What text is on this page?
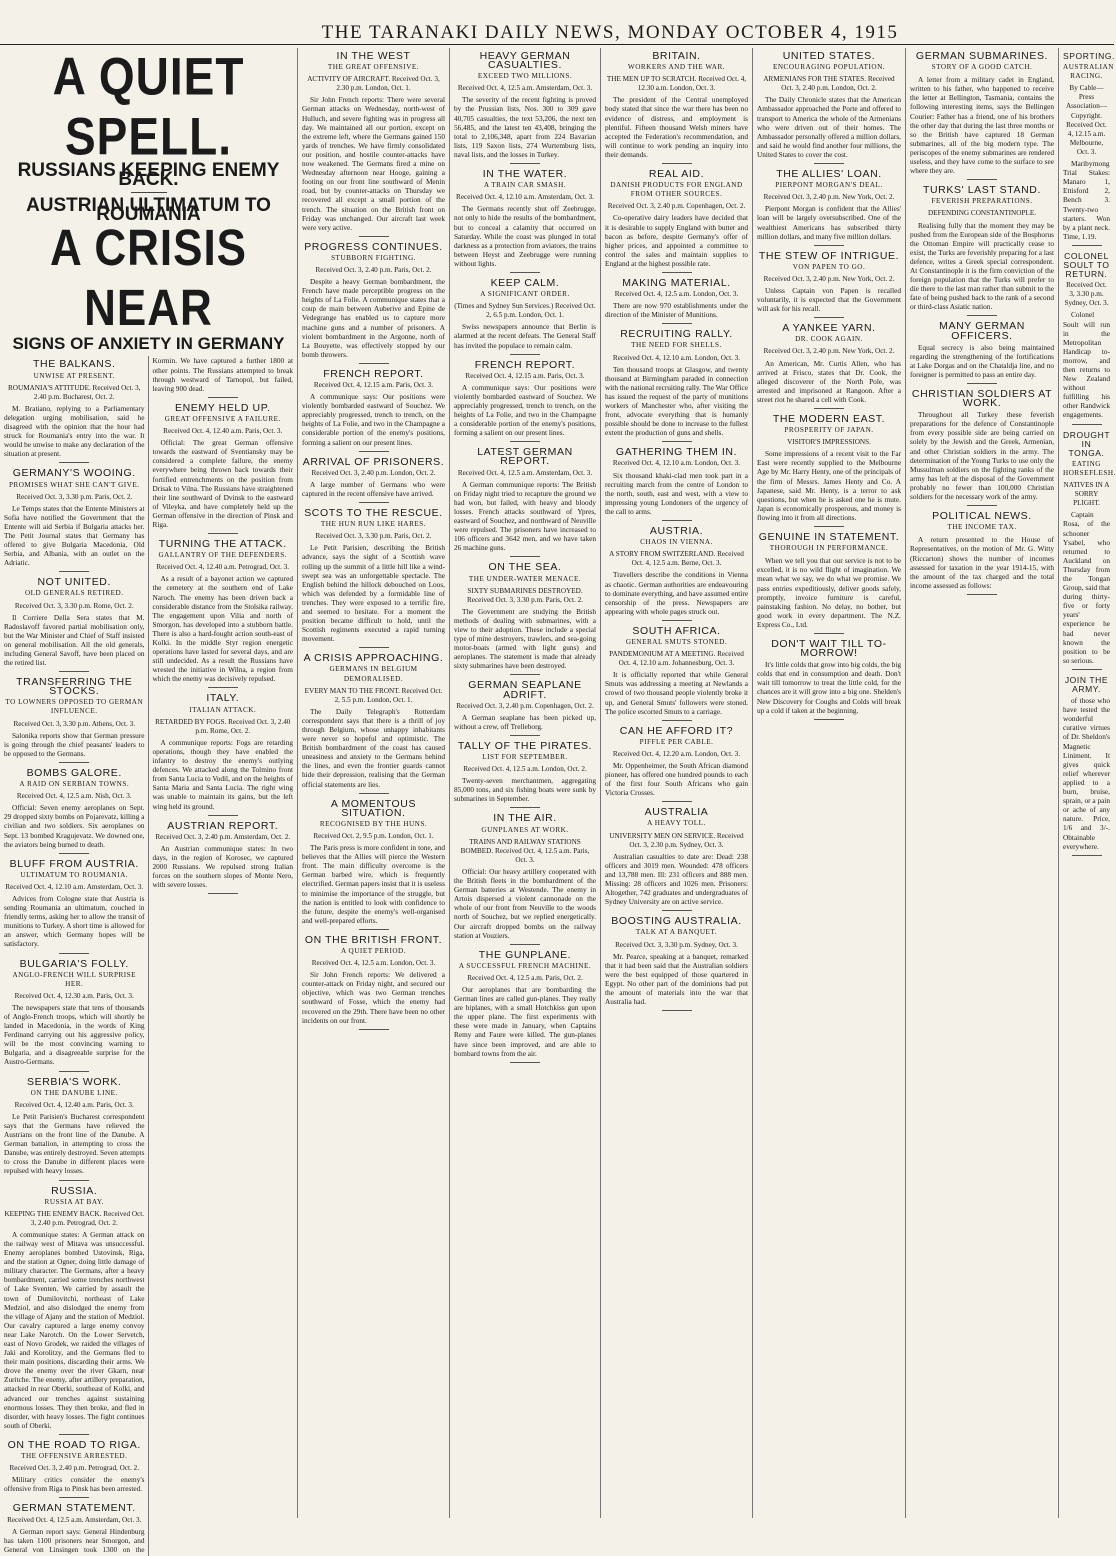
THE TARANAKI DAILY NEWS, MONDAY OCTOBER 4, 1915
A QUIET SPELL.
RUSSIANS KEEPING ENEMY BACK.
AUSTRIAN ULTIMATUM TO ROUMANIA
A CRISIS NEAR
SIGNS OF ANXIETY IN GERMANY
THE BALKANS.
UNWISE AT PRESENT.
ROUMANIA'S ATTITUDE. Received Oct. 3, 2.40 p.m. Bucharest, Oct. 2.

M. Bratiano, replying to a Parliamentary delegation urging mobilisation, said he disagreed with the opinion that the hour had struck for Roumania's entry into the war. It would be unwise to make any declaration of the situation at present.

GERMANY'S WOOING.
PROMISES WHAT SHE CAN'T GIVE.
Received Oct. 3, 3.30 p.m. Paris, Oct. 2.

Le Temps states that the Entente Ministers at Sofia have notified the Government that the Entente will aid Serbia if Bulgaria attacks her. The Petit Journal states that Germany has offered to give Bulgaria Macedonia, Old Serbia, and Albania, with an outlet on the Adriatic.

NOT UNITED.
OLD GENERALS RETIRED.
Received Oct. 3, 3.30 p.m. Rome, Oct. 2.

Il Corriere Della Sera states that M. Radoslavoff favored partial mobilisation only, but the War Minister and Chief of Staff insisted on general mobilisation. All the old generals, including General Savoff, have been placed on the retired list.

TRANSFERRING THE STOCKS.
TO LOWNERS OPPOSED TO GERMAN INFLUENCE.
Received Oct. 3, 3.30 p.m. Athens, Oct. 3.

Salonika reports show that German pressure is going through the chief peasants' leaders to be opposed to the Germans.

BOMBS GALORE.
A RAID ON SERBIAN TOWNS.
Received Oct. 4, 12.5 a.m. Nish, Oct. 3.

Official: Seven enemy aeroplanes on Sept. 29 dropped sixty bombs on Pojarevatz, killing a civilian and two soldiers. Six aeroplanes on Sept. 13 bombed Kragujevatz. We downed one, the aviators being burned to death.

BLUFF FROM AUSTRIA.
ULTIMATUM TO ROUMANIA.
Received Oct. 4, 12.10 a.m. Amsterdam, Oct. 3.

Advices from Cologne state that Austria is sending Roumania an ultimatum, couched in friendly terms, asking her to allow the transit of munitions to Turkey. A short time is allowed for an answer, which Germany hopes will be satisfactory.

BULGARIA'S FOLLY.
ANGLO-FRENCH WILL SURPRISE HER.
Received Oct. 4, 12.30 a.m. Paris, Oct. 3.

The newspapers state that tens of thousands of Anglo-French troops, which will shortly be landed in Macedonia, in the words of King Ferdinand carrying out his aggressive policy, will be the most convincing warning to Bulgaria, and a disagreeable surprise for the Austro-Germans.

SERBIA'S WORK.
ON THE DANUBE LINE.
Received Oct. 4, 12.40 a.m. Paris, Oct. 3.

Le Petit Parisien's Bucharest correspondent says that the Germans have relieved the Austrians on the front line of the Danube. A German battalion, in attempting to cross the Danube, was entirely destroyed. Seven attempts to cross the Danube in different places were repulsed with heavy losses.

RUSSIA.
RUSSIA AT BAY.
KEEPING THE ENEMY BACK. Received Oct. 3, 2.40 p.m. Petrograd, Oct. 2.

A communique states: A German attack on the railway west of Mitava was unsuccessful. Enemy aeroplanes bombed Ustovinsk, Riga, and the station at Ogner, doing little damage of military character. The Germans, after a heavy bombardment, carried some trenches northwest of Lake Sventen. We carried by assault the town of Dumilovitchi, northeast of Lake Medziol, and also dislodged the enemy from the village of Ajany and the station of Medziol. Our cavalry captured a large enemy convoy near Lake Narotch. On the Lower Servetch, east of Novo Grodek, we raided the villages of Jaki and Korolitzy, and the Germans fled to their main positions, discarding their arms. We drove the enemy over the river Gkarn, near Zuritche. The enemy, after artillery preparation, attacked in rear Oberki, southeast of Kolki, and advanced our trenches against sustaining enormous losses. They then broke, and fled in disorder, with heavy losses. The fight continues south of Oberki.

ON THE ROAD TO RIGA.
THE OFFENSIVE ARRESTED.
Received Oct. 3, 2.40 p.m. Petrograd, Oct. 2.

Military critics consider the enemy's offensive from Riga to Pinsk has been arrested.

GERMAN STATEMENT.
Received Oct. 4, 12.5 a.m. Amsterdam, Oct. 3.

A German report says: General Hindenburg has taken 1100 prisoners near Smorgon, and General von Linsingen took 1300 on the Kormin. We have captured a further 1800 at other points. The Russians attempted to break through westward of Tarnopol, but failed, leaving 900 dead.

ENEMY HELD UP.
GREAT OFFENSIVE A FAILURE.
Received Oct. 4, 12.40 a.m. Paris, Oct. 3.

Official: The great German offensive towards the eastward of Sventiansky may be considered a complete failure, the enemy everywhere being thrown back towards their fortified entrenchments on the position from Drisak to Vilna. The Russians have straightened their line southward of Dvinsk to the eastward of Vileyka, and have completely held up the German offensive in the direction of Pinsk and Riga.

TURNING THE ATTACK.
GALLANTRY OF THE DEFENDERS.
Received Oct. 4, 12.40 a.m. Petrograd, Oct. 3.

As a result of a bayonet action we captured the cemetery at the southern end of Lake Naroch. The enemy has been driven back a considerable distance from the Stolsika railway. The engagement upon Vilia and north of Smorgon, has developed into a stubborn battle. There is also a hard-fought action south-east of Kolki. In the middle Styr region energetic operations have lasted for several days, and are still undecided. As a result the Russians have wrested the initiative in Wilna, a region from which the enemy was decisively repulsed.

ITALY.
ITALIAN ATTACK.
RETARDED BY FOGS. Received Oct. 3, 2.40 p.m. Rome, Oct. 2.

A communique reports: Fogs are retarding operations, though they have enabled the infantry to destroy the enemy's outlying defences. We attacked along the Tolmino front from Santa Lucia to Vodil, and on the heights of Santa Maria and Santa Lucia. The right wing was unable to maintain its gains, but the left wing held its ground.

AUSTRIAN REPORT.
Received Oct. 3, 2.40 p.m. Amsterdam, Oct. 2.

An Austrian communique states: In two days, in the region of Korosec, we captured 2000 Russians. We repulsed strong Italian forces on the southern slopes of Monte Nero, with severe losses.

IN THE WEST
THE GREAT OFFENSIVE.
ACTIVITY OF AIRCRAFT. Received Oct. 3, 2.30 p.m. London, Oct. 1.

Sir John French reports: There were several German attacks on Wednesday, north-west of Hulluch, and severe fighting was in progress all day. We maintained all our portion, except on the extreme left, where the Germans gained 150 yards of trenches. We have firmly consolidated our position, and hostile counter-attacks have now weakened. The Germans fired a mine on Wednesday afternoon near Hooge, gaining a footing on our front line southward of Menin road, but by counter-attacks on Thursday we recovered all except a small portion of the trench. The situation on the British front on Friday was unchanged. Our aircraft last week were very active.

PROGRESS CONTINUES.
STUBBORN FIGHTING.
Received Oct. 3, 2.40 p.m. Paris, Oct. 2.

Despite a heavy German bombardment, the French have made perceptible progress on the heights of La Folie. A communique states that a coup de main between Auberive and Epine de Vedegrange has enabled us to capture more machine guns and a number of prisoners. A violent bombardment in the Argonne, north of La Bouyette, was effectively stopped by our bomb throwers.

FRENCH REPORT.
Received Oct. 4, 12.15 a.m. Paris, Oct. 3.

A communique says: Our positions were violently bombarded eastward of Souchez. We appreciably progressed, trench to trench, on the heights of La Folie, and two in the Champagne a considerable portion of the enemy's positions, forming a salient on our present lines.

ARRIVAL OF PRISONERS.
Received Oct. 3, 2.40 p.m. London, Oct. 2.

A large number of Germans who were captured in the recent offensive have arrived.

SCOTS TO THE RESCUE.
THE HUN RUN LIKE HARES.
Received Oct. 3, 3.30 p.m. Paris, Oct. 2.

Le Petit Parisien, describing the British advance, says the sight of a Scottish wave rolling up the summit of a little hill like a wind-swept sea was an unforgettable spectacle. The English behind the hillock debouched on Loos, which was defended by a formidable line of trenches. They were exposed to a terrific fire, and seemed to hesitate. For a moment the position became difficult to hold, until the Scottish regiments executed a rapid turning movement.

A CRISIS APPROACHING.
GERMANS IN BELGIUM DEMORALISED.
EVERY MAN TO THE FRONT. Received Oct. 2, 5.5 p.m. London, Oct. 1.

The Daily Telegraph's Rotterdam correspondent says that there is a thrill of joy through Belgium, whose unhappy inhabitants were never so hopeful and optimistic. The British bombardment of the coast has caused uneasiness and anxiety to the Germans behind the lines, and even the frontier guards cannot hide their depression, realising that the German official statements are lies.

A MOMENTOUS SITUATION.
RECOGNISED BY THE HUNS.
Received Oct. 2, 9.5 p.m. London, Oct. 1.

The Paris press is more confident in tone, and believes that the Allies will pierce the Western front. The main difficulty overcome is the German barbed wire, which is frequently electrified. German papers insist that it is useless to minimise the importance of the struggle, but the nation is entitled to look with confidence to the future, despite the enemy's well-organised and well-prepared efforts.

ON THE BRITISH FRONT.
A QUIET PERIOD.
Received Oct. 4, 12.5 a.m. London, Oct. 3.

Sir John French reports: We delivered a counter-attack on Friday night, and secured our objective, which was two German trenches southward of Fosse, which the enemy had recovered on the 29th. There have been no other incidents on our front.

HEAVY GERMAN CASUALTIES.
EXCEED TWO MILLIONS.
Received Oct. 4, 12.5 a.m. Amsterdam, Oct. 3.

The severity of the recent fighting is proved by the Prussian lists, Nos. 300 to 309 gave 40,705 casualties, the text 53,206, the next ten 56,485, and the latest ten 43,408, bringing the total to 2,106,348, apart from 224 Bavarian lists, 119 Saxon lists, 274 Wurtemburg lists, naval lists, and the losses in Turkey.

IN THE WATER.
A TRAIN CAR SMASH.
Received Oct. 4, 12.10 a.m. Amsterdam, Oct. 3.

The Germans recently shut off Zeebrugge, not only to hide the results of the bombardment, but to conceal a calamity that occurred on Saturday. While the coast was plunged in total darkness as a protection from aviators, the trains between Heyst and Zeebrugge were running without lights.

KEEP CALM.
A SIGNIFICANT ORDER.
(Times and Sydney Sun Services.) Received Oct. 2, 6.5 p.m. London, Oct. 1.

Swiss newspapers announce that Berlin is alarmed at the recent defeats. The General Staff has invited the populace to remain calm.

FRENCH REPORT.
Received Oct. 4, 12.15 a.m. Paris, Oct. 3.

A communique says: Our positions were violently bombarded eastward of Souchez. We appreciably progressed, trench to trench, on the heights of La Folie, and two in the Champagne a considerable portion of the enemy's positions, forming a salient on our present lines.

LATEST GERMAN REPORT.
Received Oct. 4, 12.5 a.m. Amsterdam, Oct. 3.

A German communique reports: The British on Friday night tried to recapture the ground we had won, but failed, with heavy and bloody losses. French attacks southward of Ypres, eastward of Souchez, and northward of Neuville were repulsed. The prisoners have increased to 106 officers and 3642 men, and we have taken 26 machine guns.

ON THE SEA.
THE UNDER-WATER MENACE.
SIXTY SUBMARINES DESTROYED. Received Oct. 3, 3.30 p.m. Paris, Oct. 2.

The Government are studying the British methods of dealing with submarines, with a view to their adoption. These include a special type of mine destroyers, trawlers, and sea-going motor-boats (armed with light guns) and aeroplanes. The statement is made that already sixty submarines have been destroyed.

GERMAN SEAPLANE ADRIFT.
Received Oct. 3, 2.40 p.m. Copenhagen, Oct. 2.

A German seaplane has been picked up, without a crew, off Trelleborg.

TALLY OF THE PIRATES.
LIST FOR SEPTEMBER.
Received Oct. 4, 12.5 a.m. London, Oct. 2.

Twenty-seven merchantmen, aggregating 85,000 tons, and six fishing boats were sunk by submarines in September.

IN THE AIR.
GUNPLANES AT WORK.
TRAINS AND RAILWAY STATIONS BOMBED. Received Oct. 4, 12.5 a.m. Paris, Oct. 3.

Official: Our heavy artillery cooperated with the British fleets in the bombardment of the German batteries at Westende. The enemy in Artois dispersed a violent cannonade on the whole of our front from Neuville to the woods north of Souchez, but we replied energetically. Our aircraft dropped bombs on the railway station at Vouziers.

THE GUNPLANE.
A SUCCESSFUL FRENCH MACHINE.
Received Oct. 4, 12.5 a.m. Paris, Oct. 2.

Our aeroplanes that are bombarding the German lines are called gun-planes. They really are biplanes, with a small Hotchkiss gun upon the upper plane. The first experiments with these were made in January, when Captains Remy and Faure were killed. The gun-planes have since been improved, and are able to bombard towns from the air.

BRITAIN.
WORKERS AND THE WAR.
THE MEN UP TO SCRATCH. Received Oct. 4, 12.30 a.m. London, Oct. 3.

The president of the Central unemployed body stated that since the war there has been no evidence of distress, and employment is plentiful. Fifteen thousand Welsh miners have accepted the Federation's recommendation, and will continue to work pending an inquiry into their demands.

REAL AID.
DANISH PRODUCTS FOR ENGLAND FROM OTHER SOURCES.
Received Oct. 3, 2.40 p.m. Copenhagen, Oct. 2.

Co-operative dairy leaders have decided that it is desirable to supply England with butter and bacon as before, despite Germany's offer of higher prices, and appointed a committee to control the sales and maintain supplies to England at the highest possible rate.

MAKING MATERIAL.
Received Oct. 4, 12.5 a.m. London, Oct. 3.

There are now 970 establishments under the direction of the Minister of Munitions.

RECRUITING RALLY.
THE NEED FOR SHELLS.
Received Oct. 4, 12.10 a.m. London, Oct. 3.

Ten thousand troops at Glasgow, and twenty thousand at Birmingham paraded in connection with the national recruiting rally. The War Office has issued the request of the party of munitions workers of Manchester who, after visiting the front, advocate everything that is humanly possible should be done to increase to the fullest extent the production of guns and shells.

GATHERING THEM IN.
Received Oct. 4, 12.10 a.m. London, Oct. 3.

Six thousand khaki-clad men took part in a recruiting march from the centre of London to the north, south, east and west, with a view to impressing young Londoners of the urgency of the call to arms.

AUSTRIA.
CHAOS IN VIENNA.
A STORY FROM SWITZERLAND. Received Oct. 4, 12.5 a.m. Berne, Oct. 3.

Travellers describe the conditions in Vienna as chaotic. German authorities are endeavouring to dominate everything, and have assumed entire censorship of the press. Newspapers are appearing with whole pages struck out.

SOUTH AFRICA.
GENERAL SMUTS STONED.
PANDEMONIUM AT A MEETING. Received Oct. 4, 12.10 a.m. Johannesburg, Oct. 3.

It is officially reported that while General Smuts was addressing a meeting at Newlands a crowd of two thousand people violently broke it up, and General Smuts' followers were stoned. The police escorted Smuts to a carriage.

CAN HE AFFORD IT?
PIFFLE PER CABLE.
Received Oct. 4, 12.20 a.m. London, Oct. 3.

Mr. Oppenheimer, the South African diamond pioneer, has offered one hundred pounds to each of the first four South Africans who gain Victoria Crosses.

AUSTRALIA
A HEAVY TOLL.
UNIVERSITY MEN ON SERVICE. Received Oct. 3, 2.30 p.m. Sydney, Oct. 3.

Australian casualties to date are: Dead: 238 officers and 3019 men. Wounded: 478 officers and 13,788 men. Ill: 231 officers and 888 men. Missing: 28 officers and 1026 men. Prisoners: Altogether, 742 graduates and undergraduates of Sydney University are on active service.

BOOSTING AUSTRALIA.
TALK AT A BANQUET.
Received Oct. 3, 3.30 p.m. Sydney, Oct. 3.

Mr. Pearce, speaking at a banquet, remarked that it had been said that the Australian soldiers were the best equipped of those quartered in Egypt. No other part of the dominions had put the amount of materials into the war that Australia had.

UNITED STATES.
ENCOURAGING POPULATION.
ARMENIANS FOR THE STATES. Received Oct. 3, 2.40 p.m. London, Oct. 2.

The Daily Chronicle states that the American Ambassador approached the Porte and offered to transport to America the whole of the Armenians who were driven out of their homes. The Ambassador personally offered a million dollars, and said he would find another four millions, the United States to cover the cost.

THE ALLIES' LOAN.
PIERPONT MORGAN'S DEAL.
Received Oct. 3, 2.40 p.m. New York, Oct. 2.

Pierpont Morgan is confident that the Allies' loan will be largely oversubscribed. One of the wealthiest Americans has subscribed thirty million dollars, and many five million dollars.

THE STEW OF INTRIGUE.
VON PAPEN TO GO.
Received Oct. 3, 2.40 p.m. New York, Oct. 2.

Unless Captain von Papen is recalled voluntarily, it is expected that the Government will ask for his recall.

A YANKEE YARN.
DR. COOK AGAIN.
Received Oct. 3, 2.40 p.m. New York, Oct. 2.

An American, Mr. Curtis Allen, who has arrived at Frisco, states that Dr. Cook, the alleged discoverer of the North Pole, was arrested and imprisoned at Rangoon. After a street riot he shared a cell with Cook.

THE MODERN EAST.
PROSPERITY OF JAPAN.
VISITOR'S IMPRESSIONS.

Some impressions of a recent visit to the Far East were recently supplied to the Melbourne Age by Mr. Harry Henty, one of the principals of the firm of Messrs. James Henty and Co. A Japanese, said Mr. Henty, is a terror to ask questions, but when he is asked one he is mute. Japan is economically prosperous, and money is flowing into it from all directions.

GENUINE IN STATEMENT.
THOROUGH IN PERFORMANCE.

When we tell you that our service is not to be excelled, it is no wild flight of imagination. We mean what we say, we do what we promise. We pass entries expeditiously, deliver goods safely, promptly, invoice furniture is careful, painstaking fashion. No delay, no bother, but good work in every department. The N.Z. Express Co., Ltd.

DON'T WAIT TILL TO-MORROW!

It's little colds that grow into big colds, the big colds that end in consumption and death. Don't wait till tomorrow to treat the little cold, for the chances are it will grow into a big one. Shelden's New Discovery for Coughs and Colds will break up a cold if taken at the beginning.

GERMAN SUBMARINES.
STORY OF A GOOD CATCH.

A letter from a military cadet in England, written to his father, who happened to receive the letter at Bellington, Tasmania, contains the following interesting items, says the Bellingen Courier: Father has a friend, one of his brothers the other day that during the last three months or so the British have captured 18 German submarines, all of the big modern type. The periscopes of the enemy submarines are rendered useless, and they have come to the surface to see where they are.

TURKS' LAST STAND.
FEVERISH PREPARATIONS.
DEFENDING CONSTANTINOPLE.

Realising fully that the moment they may be pushed from the European side of the Bosphorus the Ottoman Empire will practically cease to exist, the Turks are feverishly preparing for a last defence, writes a Greek special correspondent. At Constantinople it is the firm conviction of the foreign population that the Turks will prefer to die there to the last man rather than submit to the fate of being pushed back to the rank of a second or third-class Asiatic nation.

MANY GERMAN OFFICERS.

Equal secrecy is also being maintained regarding the strengthening of the fortifications at Lake Dorgas and on the Chataldja line, and no foreigner is permitted to pass an entire day.

CHRISTIAN SOLDIERS AT WORK.

Throughout all Turkey these feverish preparations for the defence of Constantinople from every possible side are being carried on solely by the Jewish and the Greek, Armenian, and other Christian soldiers in the army. The determination of the Young Turks to use only the Mussulman soldiers on the fighting ranks of the army has left at the disposal of the Government probably no fewer than 100,000 Christian soldiers for the necessary work of the army.

POLITICAL NEWS.
THE INCOME TAX.

A return presented to the House of Representatives, on the motion of Mr. G. Witty (Riccarton) shows the number of incomes assessed for taxation in the year 1914-15, with the amount of the tax charged and the total income assessed as follows:

SPORTING.
AUSTRALIAN RACING.
By Cable—Press Association—Copyright. Received Oct. 4, 12.15 a.m. Melbourne, Oct. 3.

Maribyrnong Trial Stakes: Manaro 1, Ettisford 2, Bench 3. Twenty-two starters. Won by a plant neck. Time, 1.19.

COLONEL SOULT TO RETURN.
Received Oct. 3, 3.30 p.m. Sydney, Oct. 3.

Colonel Soult will run in the Metropolitan Handicap to-morrow, and then returns to New Zealand without fulfilling his other Randwick engagements.

DROUGHT IN TONGA.
EATING HORSEFLESH.
NATIVES IN A SORRY PLIGHT.

Captain Rosa, of the schooner Ysabel, who returned to Auckland on Thursday from the Tongan Group, said that during thirty-five or forty years' experience he had never known the position to be so serious.

JOIN THE ARMY.

of those who have tested the wonderful curative virtues of Dr. Sheldon's Magnetic Liniment. It gives quick relief wherever applied to a burn, bruise, sprain, or a pain or ache of any nature. Price, 1/6 and 3/-. Obtainable everywhere.
